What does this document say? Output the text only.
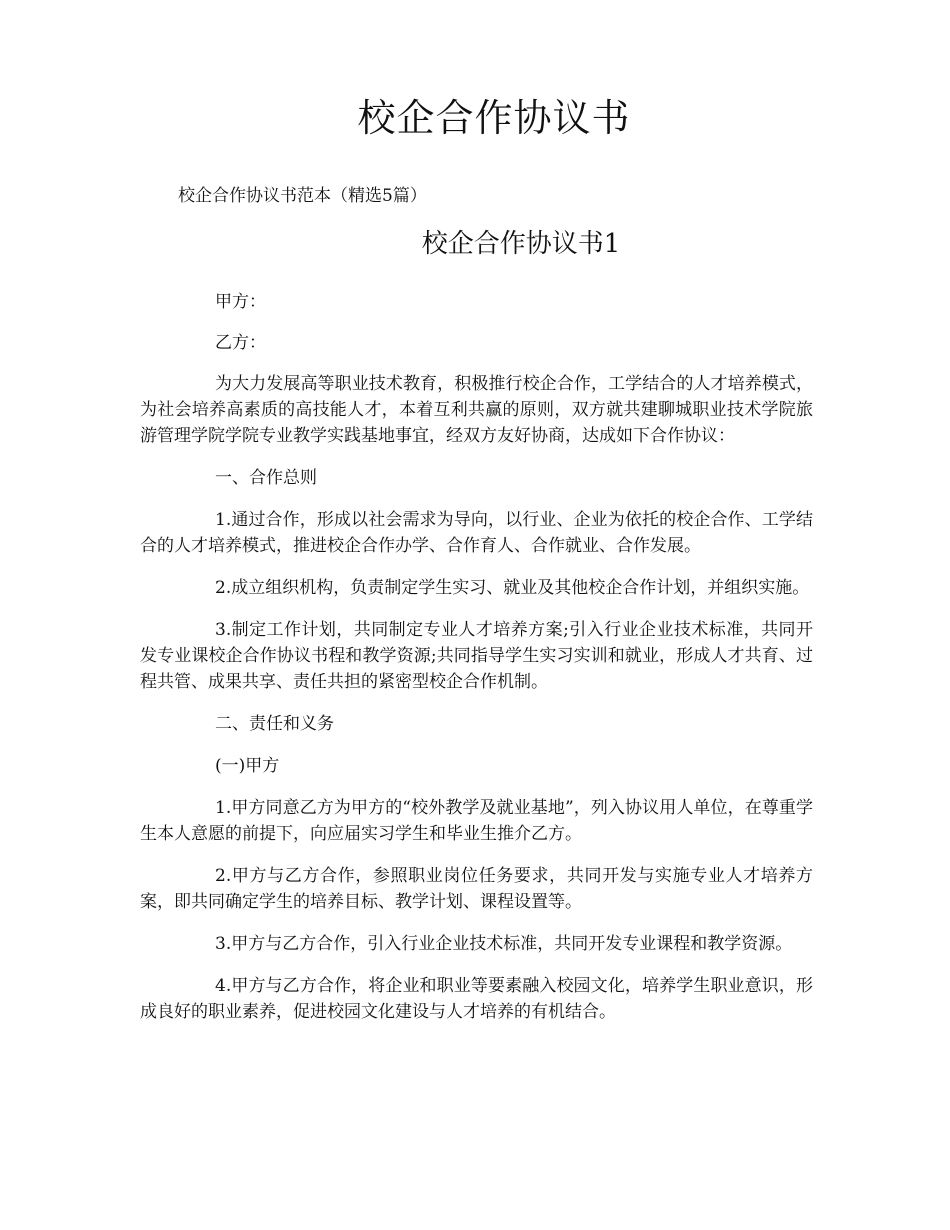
校企合作协议书
校企合作协议书范本（精选5篇）
校企合作协议书1

甲方：

乙方：

为大力发展高等职业技术教育，积极推行校企合作，工学结合的人才培养模式，为社会培养高素质的高技能人才，本着互利共赢的原则，双方就共建聊城职业技术学院旅游管理学院学院专业教学实践基地事宜，经双方友好协商，达成如下合作协议：

一、合作总则

1.通过合作，形成以社会需求为导向，以行业、企业为依托的校企合作、工学结合的人才培养模式，推进校企合作办学、合作育人、合作就业、合作发展。

2.成立组织机构，负责制定学生实习、就业及其他校企合作计划，并组织实施。

3.制定工作计划，共同制定专业人才培养方案;引入行业企业技术标准，共同开发专业课校企合作协议书程和教学资源;共同指导学生实习实训和就业，形成人才共育、过程共管、成果共享、责任共担的紧密型校企合作机制。

二、责任和义务

(一)甲方

1.甲方同意乙方为甲方的“校外教学及就业基地”，列入协议用人单位，在尊重学生本人意愿的前提下，向应届实习学生和毕业生推介乙方。

2.甲方与乙方合作，参照职业岗位任务要求，共同开发与实施专业人才培养方案，即共同确定学生的培养目标、教学计划、课程设置等。

3.甲方与乙方合作，引入行业企业技术标准，共同开发专业课程和教学资源。

4.甲方与乙方合作，将企业和职业等要素融入校园文化，培养学生职业意识，形成良好的职业素养，促进校园文化建设与人才培养的有机结合。
